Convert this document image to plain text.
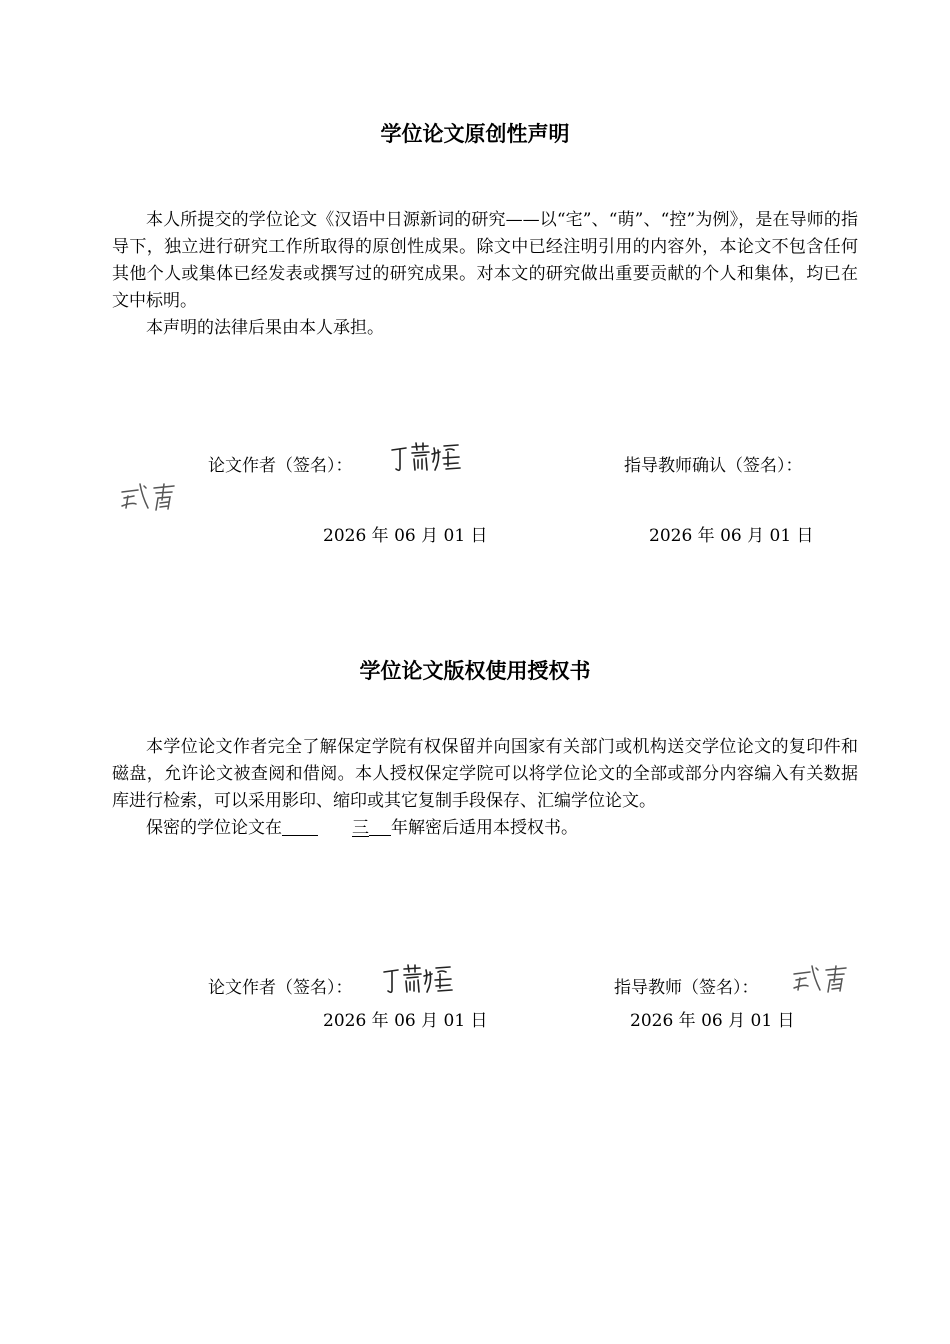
学位论文原创性声明

本人所提交的学位论文《汉语中日源新词的研究——以“宅”、“萌”、“控”为例》，是在导师的指导下，独立进行研究工作所取得的原创性成果。除文中已经注明引用的内容外，本论文不包含任何其他个人或集体已经发表或撰写过的研究成果。对本文的研究做出重要贡献的个人和集体，均已在文中标明。

本声明的法律后果由本人承担。

论文作者（签名）：	指导教师确认（签名）：
2026 年 06 月 01 日	2026 年 06 月 01 日
学位论文版权使用授权书

本学位论文作者完全了解保定学院有权保留并向国家有关部门或机构送交学位论文的复印件和磁盘，允许论文被查阅和借阅。本人授权保定学院可以将学位论文的全部或部分内容编入有关数据库进行检索，可以采用影印、缩印或其它复制手段保存、汇编学位论文。

保密的学位论文在	三 年解密后适用本授权书。

论文作者（签名）：	指导教师（签名）：
2026 年 06 月 01 日	2026 年 06 月 01 日
